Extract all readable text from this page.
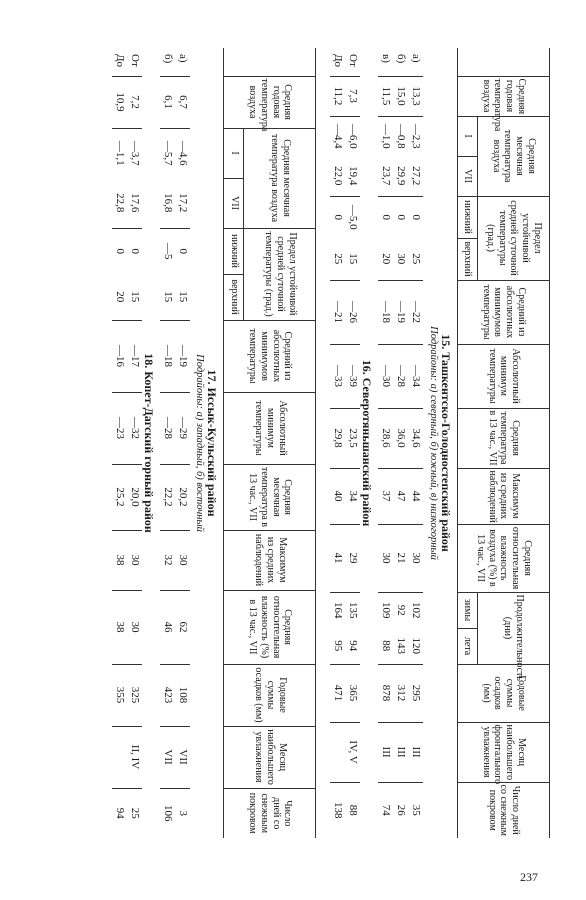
	Средняя годовая температура воздуха	Средняя месячная температура воздуха		Предел устойчивой средней суточной температуры (град.)		Средний из абсолютных минимумов температуры	Абсолютный минимум температуры	Средняя температура в 13 час., VII	Максимум из средних наблюдений	Средняя относительная влажность воздуха (%) в 13 час., VII	Продолжительность (дни)		Годовые суммы осадков (мм)	Месяц наибольшего фронтального увлажнения	Число дней со снежным покровом
		I	VII	нижний	верхний						зимы	лета			
15. Ташкентско-Голодностепский район															
Подрайоны: а) северный, б) южный, в) низкогорный															
а)	13,3	—2,3	27,2	0	25	—22	—34	34,6	44	30	102	120	295	III	35
б)	15,0	—0,8	29,9	0	30	—19	—28	36,0	47	21	92	143	312	III	26
в)	11,5	—1,0	23,7	0	20	—18	—30	28,6	37	30	109	88	878	III	74
16. Северотяньшанский район															
От	7,3	—6,0	19,4	—5,0	15	—26	—39	23,5	34	29	135	94	365	IV, V	88
До	11,2	—4,4	22,0	0	25	—21	—33	29,8	40	41	164	95	471		138
	Средняя годовая температура воздуха	Средняя месячная температура воздуха		Предел устойчивой средней суточной температуры (град.)		Средний из абсолютных минимумов температуры	Абсолютный минимум температуры	Средняя месячная температура в 13 час., VII	Максимум из средних наблюдений	Средняя относительная влажность (%) в 13 час., VII	Годовые суммы осадков (мм)	Месяц наибольшего увлажнения	Число дней со снежным покровом
		I	VII	нижний	верхний								
17. Иссык-Кульский район													
Подрайоны: а) западный, б) восточный													
а)	6,7	—4,6	17,2	0	15	—19	—29	20,2	30	62	108	VII	3
б)	6,1	—5,7	16,8	—5	15	—18	—28	22,2	32	46	423	VII	106
18. Копет-Дагский горный район													
От	7,2	—3,7	17,6	0	15	—17	—32	20,0	30	30	325	II, IV	25
До	10,9	—1,1	22,8	0	20	—16	—23	25,2	38	38	355		94
237
